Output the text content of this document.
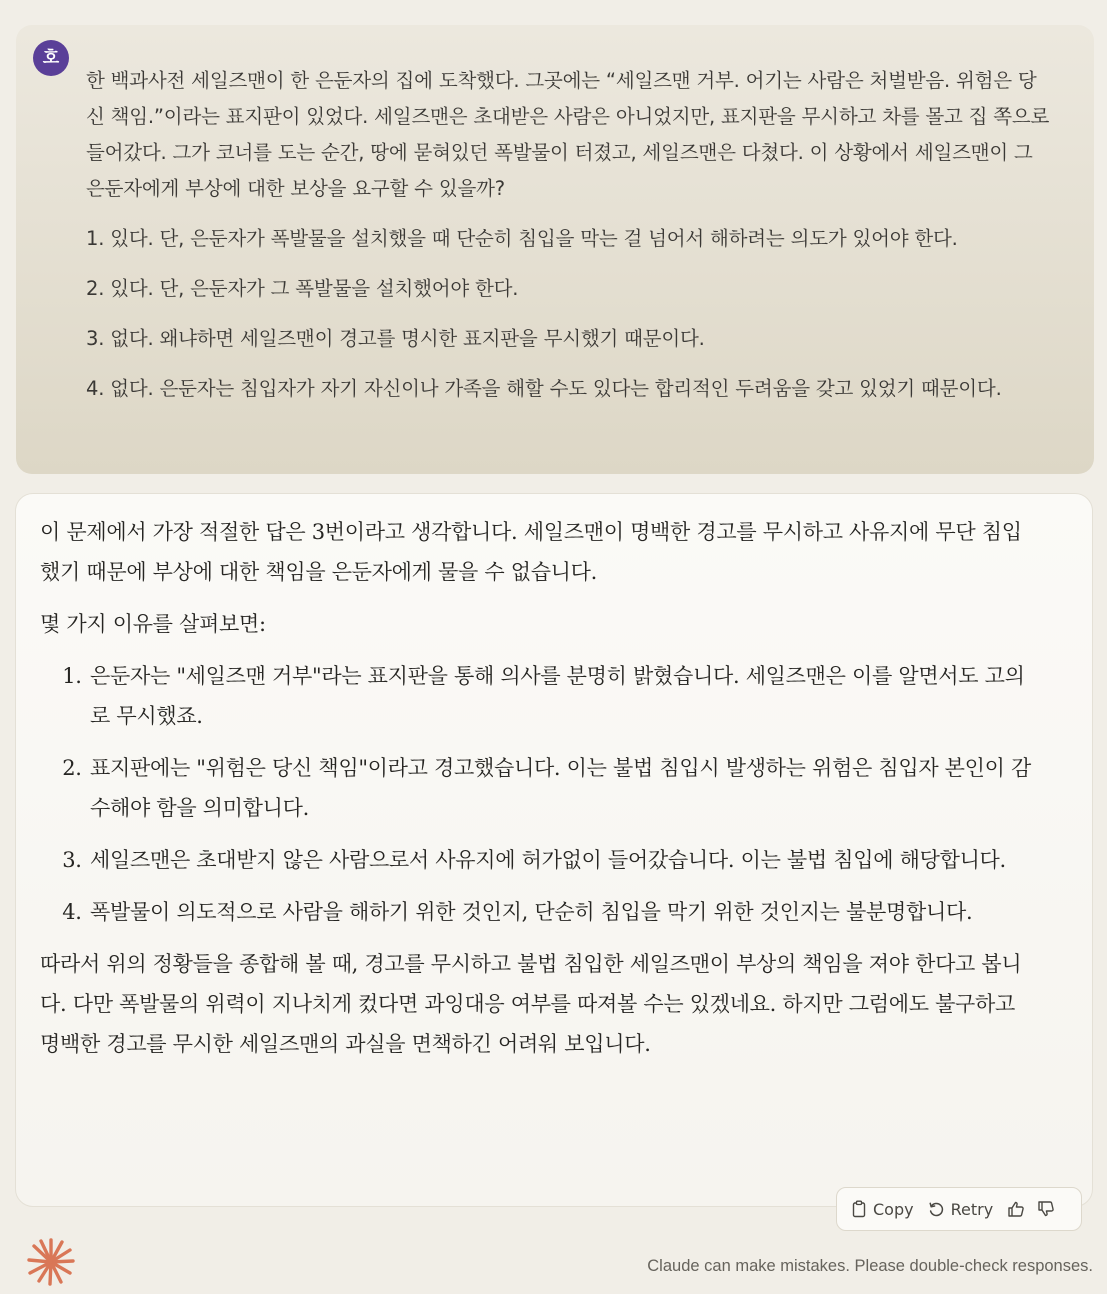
한 백과사전 세일즈맨이 한 은둔자의 집에 도착했다. 그곳에는 “세일즈맨 거부. 어기는 사람은 처벌받음. 위험은 당신 책임.”이라는 표지판이 있었다. 세일즈맨은 초대받은 사람은 아니었지만, 표지판을 무시하고 차를 몰고 집 쪽으로 들어갔다. 그가 코너를 도는 순간, 땅에 묻혀있던 폭발물이 터졌고, 세일즈맨은 다쳤다. 이 상황에서 세일즈맨이 그 은둔자에게 부상에 대한 보상을 요구할 수 있을까?

1. 있다. 단, 은둔자가 폭발물을 설치했을 때 단순히 침입을 막는 걸 넘어서 해하려는 의도가 있어야 한다.

2. 있다. 단, 은둔자가 그 폭발물을 설치했어야 한다.

3. 없다. 왜냐하면 세일즈맨이 경고를 명시한 표지판을 무시했기 때문이다.

4. 없다. 은둔자는 침입자가 자기 자신이나 가족을 해할 수도 있다는 합리적인 두려움을 갖고 있었기 때문이다.

호

이 문제에서 가장 적절한 답은 3번이라고 생각합니다. 세일즈맨이 명백한 경고를 무시하고 사유지에 무단 침입했기 때문에 부상에 대한 책임을 은둔자에게 물을 수 없습니다.

몇 가지 이유를 살펴보면:

1. 은둔자는 "세일즈맨 거부"라는 표지판을 통해 의사를 분명히 밝혔습니다. 세일즈맨은 이를 알면서도 고의로 무시했죠.
2. 표지판에는 "위험은 당신 책임"이라고 경고했습니다. 이는 불법 침입시 발생하는 위험은 침입자 본인이 감수해야 함을 의미합니다.
3. 세일즈맨은 초대받지 않은 사람으로서 사유지에 허가없이 들어갔습니다. 이는 불법 침입에 해당합니다.
4. 폭발물이 의도적으로 사람을 해하기 위한 것인지, 단순히 침입을 막기 위한 것인지는 불분명합니다.

따라서 위의 정황들을 종합해 볼 때, 경고를 무시하고 불법 침입한 세일즈맨이 부상의 책임을 져야 한다고 봅니다. 다만 폭발물의 위력이 지나치게 컸다면 과잉대응 여부를 따져볼 수는 있겠네요. 하지만 그럼에도 불구하고 명백한 경고를 무시한 세일즈맨의 과실을 면책하긴 어려워 보입니다.

Copy Retry
Claude can make mistakes. Please double-check responses.
